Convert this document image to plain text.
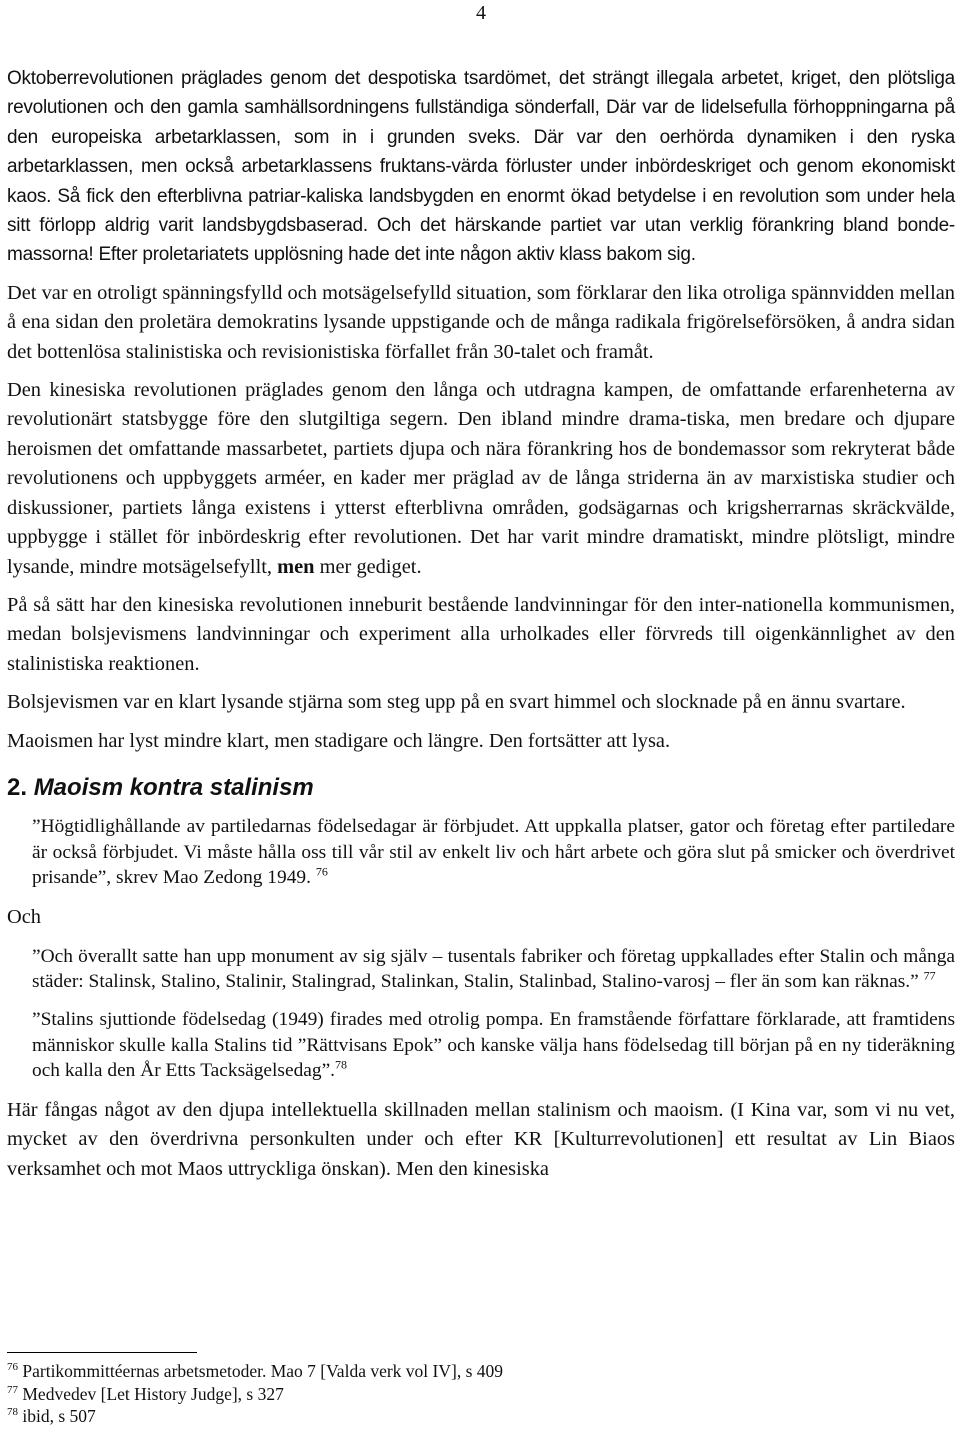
4

Oktoberrevolutionen präglades genom det despotiska tsardömet, det strängt illegala arbetet, kriget, den plötsliga revolutionen och den gamla samhällsordningens fullständiga sönderfall, Där var de lidelsefulla förhoppningarna på den europeiska arbetarklassen, som in i grunden sveks. Där var den oerhörda dynamiken i den ryska arbetarklassen, men också arbetarklassens fruktans-värda förluster under inbördeskriget och genom ekonomiskt kaos. Så fick den efterblivna patriar-kaliska landsbygden en enormt ökad betydelse i en revolution som under hela sitt förlopp aldrig varit landsbygdsbaserad. Och det härskande partiet var utan verklig förankring bland bonde-massorna! Efter proletariatets upplösning hade det inte någon aktiv klass bakom sig.

Det var en otroligt spänningsfylld och motsägelsefylld situation, som förklarar den lika otroliga spännvidden mellan å ena sidan den proletära demokratins lysande uppstigande och de många radikala frigörelseförsöken, å andra sidan det bottenlösa stalinistiska och revisionistiska förfallet från 30-talet och framåt.

Den kinesiska revolutionen präglades genom den långa och utdragna kampen, de omfattande erfarenheterna av revolutionärt statsbygge före den slutgiltiga segern. Den ibland mindre drama-tiska, men bredare och djupare heroismen det omfattande massarbetet, partiets djupa och nära förankring hos de bondemassor som rekryterat både revolutionens och uppbyggets arméer, en kader mer präglad av de långa striderna än av marxistiska studier och diskussioner, partiets långa existens i ytterst efterblivna områden, godsägarnas och krigsherrarnas skräckvälde, uppbygge i stället för inbördeskrig efter revolutionen. Det har varit mindre dramatiskt, mindre plötsligt, mindre lysande, mindre motsägelsefyllt, men mer gediget.

På så sätt har den kinesiska revolutionen inneburit bestående landvinningar för den inter-nationella kommunismen, medan bolsjevismens landvinningar och experiment alla urholkades eller förvreds till oigenkännlighet av den stalinistiska reaktionen.

Bolsjevismen var en klart lysande stjärna som steg upp på en svart himmel och slocknade på en ännu svartare.

Maoismen har lyst mindre klart, men stadigare och längre. Den fortsätter att lysa.

2. Maoism kontra stalinism

”Högtidlighållande av partiledarnas födelsedagar är förbjudet. Att uppkalla platser, gator och företag efter partiledare är också förbjudet. Vi måste hålla oss till vår stil av enkelt liv och hårt arbete och göra slut på smicker och överdrivet prisande”, skrev Mao Zedong 1949. $^{76}$

Och

”Och överallt satte han upp monument av sig själv – tusentals fabriker och företag uppkallades efter Stalin och många städer: Stalinsk, Stalino, Stalinir, Stalingrad, Stalinkan, Stalin, Stalinbad, Stalino-varosj – fler än som kan räknas.” $^{77}$

”Stalins sjuttionde födelsedag (1949) firades med otrolig pompa. En framstående författare förklarade, att framtidens människor skulle kalla Stalins tid ”Rättvisans Epok” och kanske välja hans födelsedag till början på en ny tideräkning och kalla den År Etts Tacksägelsedag”.$^{78}$

Här fångas något av den djupa intellektuella skillnaden mellan stalinism och maoism. (I Kina var, som vi nu vet, mycket av den överdrivna personkulten under och efter KR [Kulturrevolutionen] ett resultat av Lin Biaos verksamhet och mot Maos uttryckliga önskan). Men den kinesiska

$^{76}$ Partikommittéernas arbetsmetoder. Mao 7 [Valda verk vol IV], s 409
$^{77}$ Medvedev [Let History Judge], s 327
$^{78}$ ibid, s 507
